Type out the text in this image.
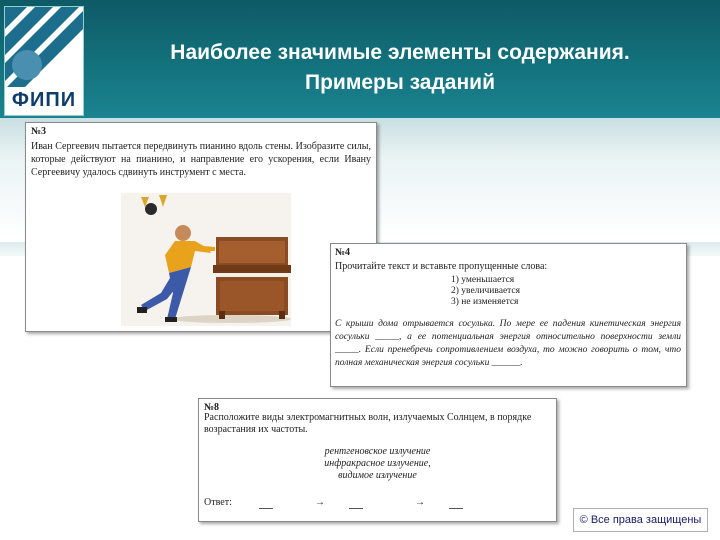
ФИПИ
Наиболее значимые элементы содержания.
Примеры заданий
№3

Иван Сергеевич пытается передвинуть пианино вдоль стены. Изобразите силы, которые действуют на пианино, и направление его ускорения, если Ивану Сергеевичу удалось сдвинуть инструмент с места.

№4

Прочитайте текст и вставьте пропущенные слова:

1) уменьшается
2) увеличивается
3) не изменяется

С крыши дома отрывается сосулька. По мере ее падения кинетическая энергия сосульки _____, а ее потенциальная энергия относительно поверхности земли _____. Если пренебречь сопротивлением воздуха, то можно говорить о том, что полная механическая энергия сосульки ______.

№8

Расположите виды электромагнитных волн, излучаемых Солнцем, в порядке возрастания их частоты.

рентгеновское излучение
инфракрасное излучение,
видимое излучение
Ответ:	→	→
© Все права защищены
